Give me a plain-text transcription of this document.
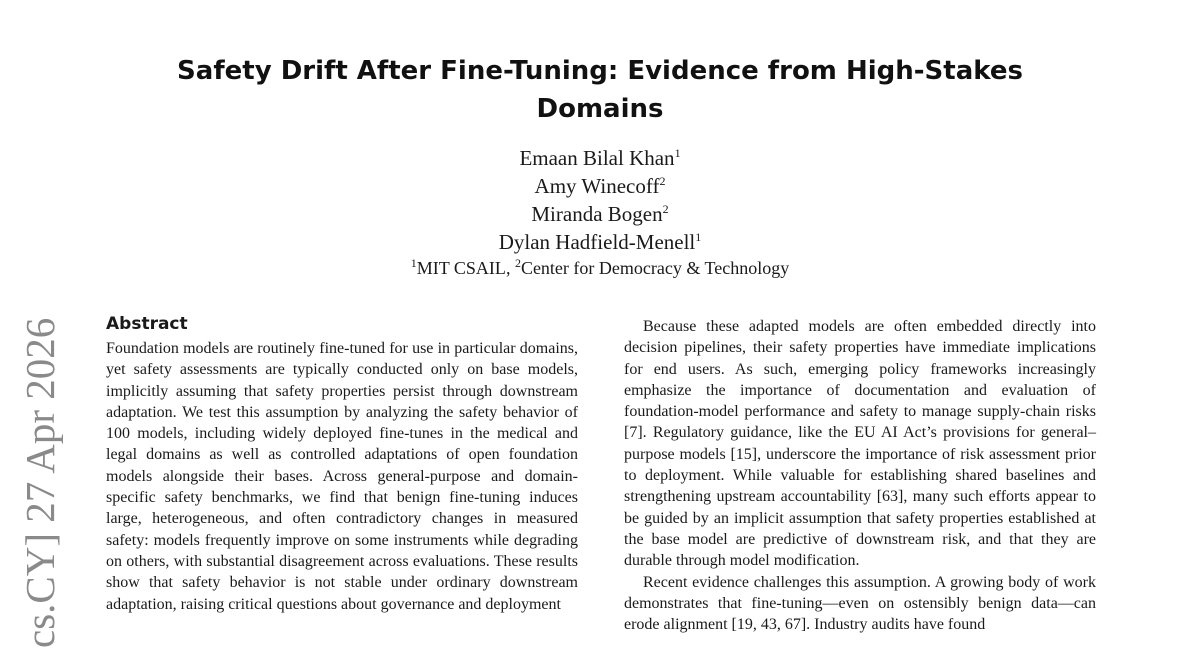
Safety Drift After Fine-Tuning: Evidence from High-Stakes Domains
Emaan Bilal Khan$^1$
Amy Winecoff$^2$
Miranda Bogen$^2$
Dylan Hadfield-Menell$^1$
$^1$MIT CSAIL, $^2$Center for Democracy & Technology
cs.CY] 27 Apr 2026	Abstract

Foundation models are routinely fine-tuned for use in particular domains, yet safety assessments are typically conducted only on base models, implicitly assuming that safety properties persist through downstream adaptation. We test this assumption by analyzing the safety behavior of 100 models, including widely deployed fine-tunes in the medical and legal domains as well as controlled adaptations of open foundation models alongside their bases. Across general-purpose and domain-specific safety benchmarks, we find that benign fine-tuning induces large, heterogeneous, and often contradictory changes in measured safety: models frequently improve on some instruments while degrading on others, with substantial disagreement across evaluations. These results show that safety behavior is not stable under ordinary downstream adaptation, raising critical questions about governance and deployment

Because these adapted models are often embedded directly into decision pipelines, their safety properties have immediate implications for end users. As such, emerging policy frameworks increasingly emphasize the importance of documentation and evaluation of foundation-model performance and safety to manage supply-chain risks [7]. Regulatory guidance, like the EU AI Act’s provisions for general–purpose models [15], underscore the importance of risk assessment prior to deployment. While valuable for establishing shared baselines and strengthening upstream accountability [63], many such efforts appear to be guided by an implicit assumption that safety properties established at the base model are predictive of downstream risk, and that they are durable through model modification.

Recent evidence challenges this assumption. A growing body of work demonstrates that fine-tuning—even on ostensibly benign data—can erode alignment [19, 43, 67]. Industry audits have found
